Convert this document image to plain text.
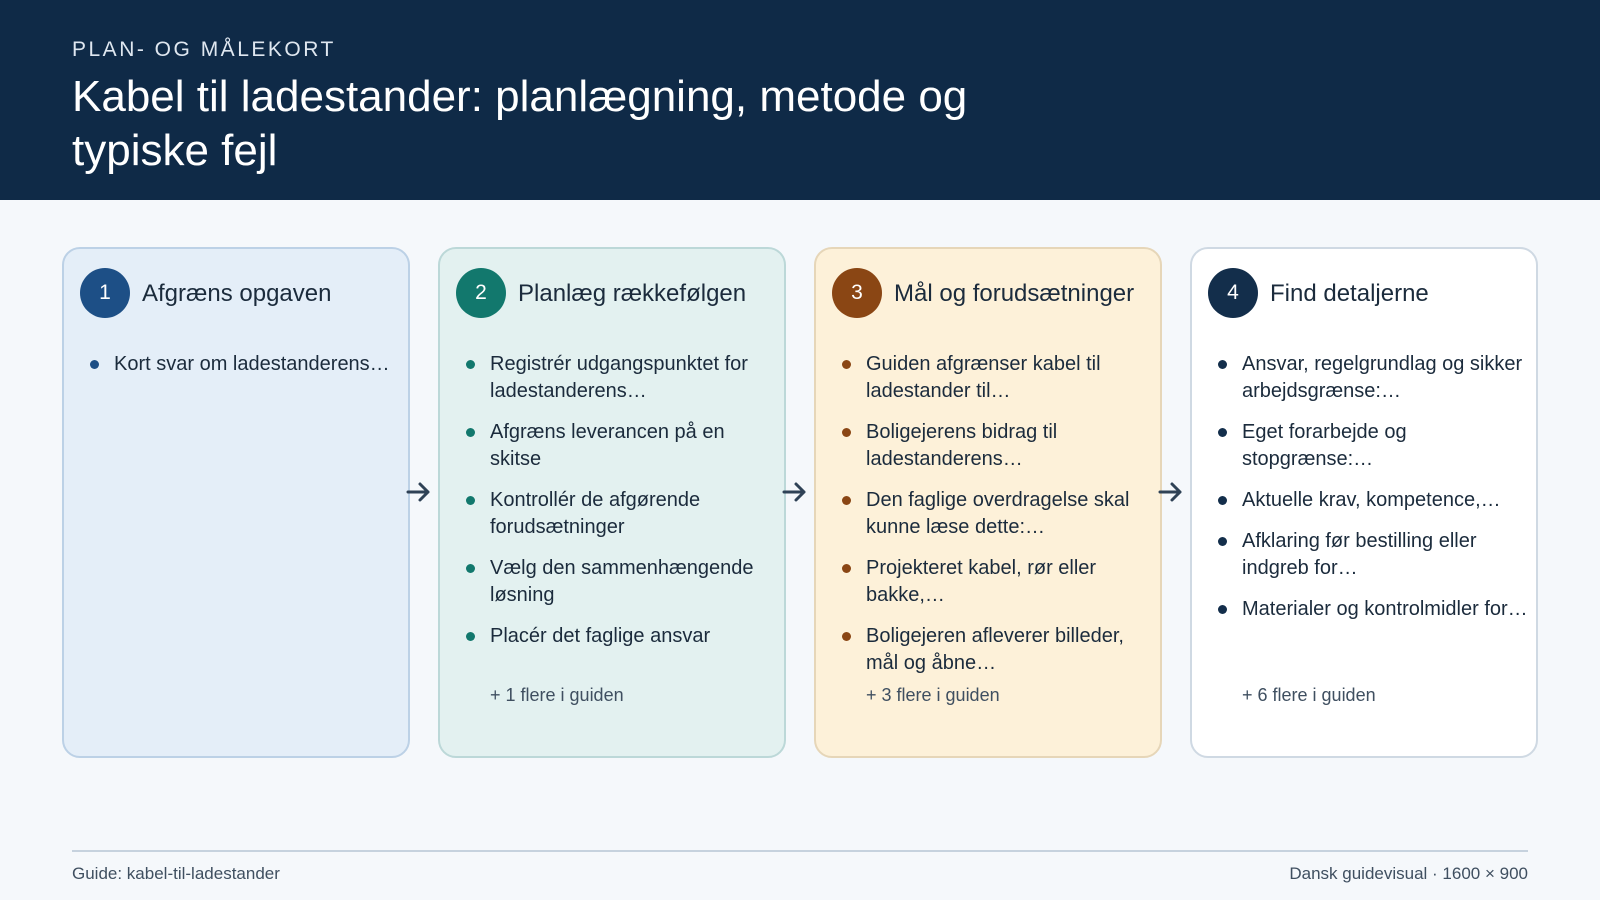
PLAN- OG MÅLEKORT
Kabel til ladestander: planlægning, metode og typiske fejl
1	Afgræns opgaven
Kort svar om ladestanderens…
2	Planlæg rækkefølgen
Registrér udgangspunktet for ladestanderens…
Afgræns leverancen på en skitse
Kontrollér de afgørende forudsætninger
Vælg den sammenhængende løsning
Placér det faglige ansvar
+ 1 flere i guiden
3	Mål og forudsætninger
Guiden afgrænser kabel til ladestander til…
Boligejerens bidrag til ladestanderens…
Den faglige overdragelse skal kunne læse dette:…
Projekteret kabel, rør eller bakke,…
Boligejeren afleverer billeder, mål og åbne…
+ 3 flere i guiden
4	Find detaljerne
Ansvar, regelgrundlag og sikker arbejdsgrænse:…
Eget forarbejde og stopgrænse:…
Aktuelle krav, kompetence,…
Afklaring før bestilling eller indgreb for…
Materialer og kontrolmidler for…
+ 6 flere i guiden
Guide: kabel-til-ladestander	Dansk guidevisual · 1600 × 900
